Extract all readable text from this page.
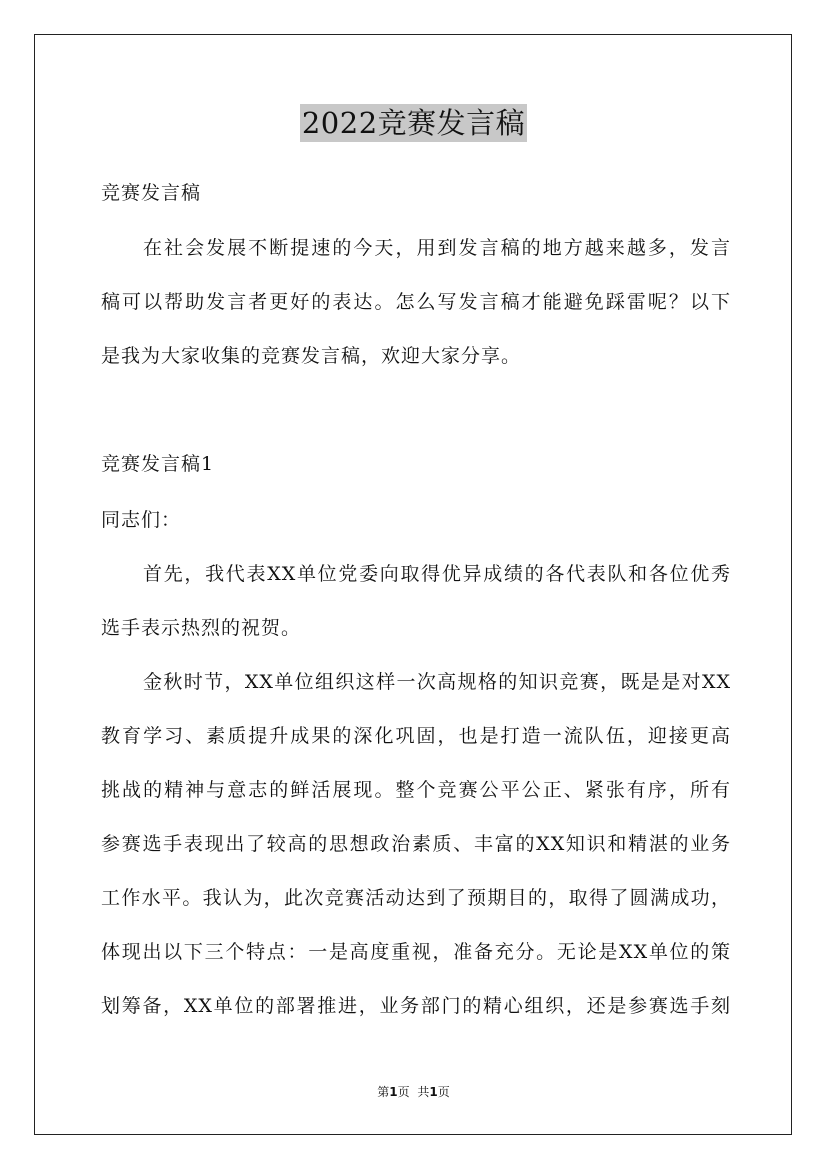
2022竞赛发言稿
竞赛发言稿
在社会发展不断提速的今天，用到发言稿的地方越来越多，发言
稿可以帮助发言者更好的表达。怎么写发言稿才能避免踩雷呢？以下
是我为大家收集的竞赛发言稿，欢迎大家分享。
竞赛发言稿1
同志们：
首先，我代表XX单位党委向取得优异成绩的各代表队和各位优秀
选手表示热烈的祝贺。
金秋时节，XX单位组织这样一次高规格的知识竞赛，既是是对XX
教育学习、素质提升成果的深化巩固，也是打造一流队伍，迎接更高
挑战的精神与意志的鲜活展现。整个竞赛公平公正、紧张有序，所有
参赛选手表现出了较高的思想政治素质、丰富的XX知识和精湛的业务
工作水平。我认为，此次竞赛活动达到了预期目的，取得了圆满成功，
体现出以下三个特点：一是高度重视，准备充分。无论是XX单位的策
划筹备，XX单位的部署推进，业务部门的精心组织，还是参赛选手刻
第1页 共1页
